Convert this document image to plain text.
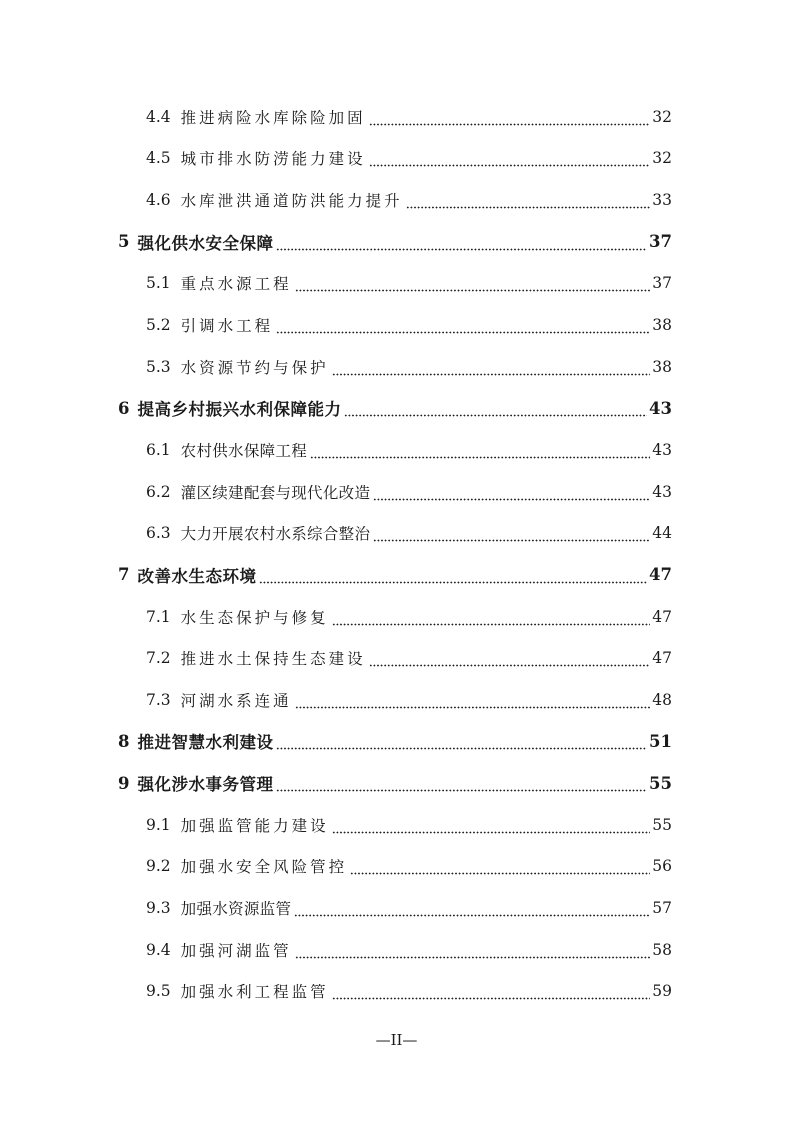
4.4 推进病险水库除险加固	32
4.5 城市排水防涝能力建设	32
4.6 水库泄洪通道防洪能力提升	33
5 强化供水安全保障	37
5.1 重点水源工程	37
5.2 引调水工程	38
5.3 水资源节约与保护	38
6 提高乡村振兴水利保障能力	43
6.1 农村供水保障工程	43
6.2 灌区续建配套与现代化改造	43
6.3 大力开展农村水系综合整治	44
7 改善水生态环境	47
7.1 水生态保护与修复	47
7.2 推进水土保持生态建设	47
7.3 河湖水系连通	48
8 推进智慧水利建设	51
9 强化涉水事务管理	55
9.1 加强监管能力建设	55
9.2 加强水安全风险管控	56
9.3 加强水资源监管	57
9.4 加强河湖监管	58
9.5 加强水利工程监管	59
—II—
